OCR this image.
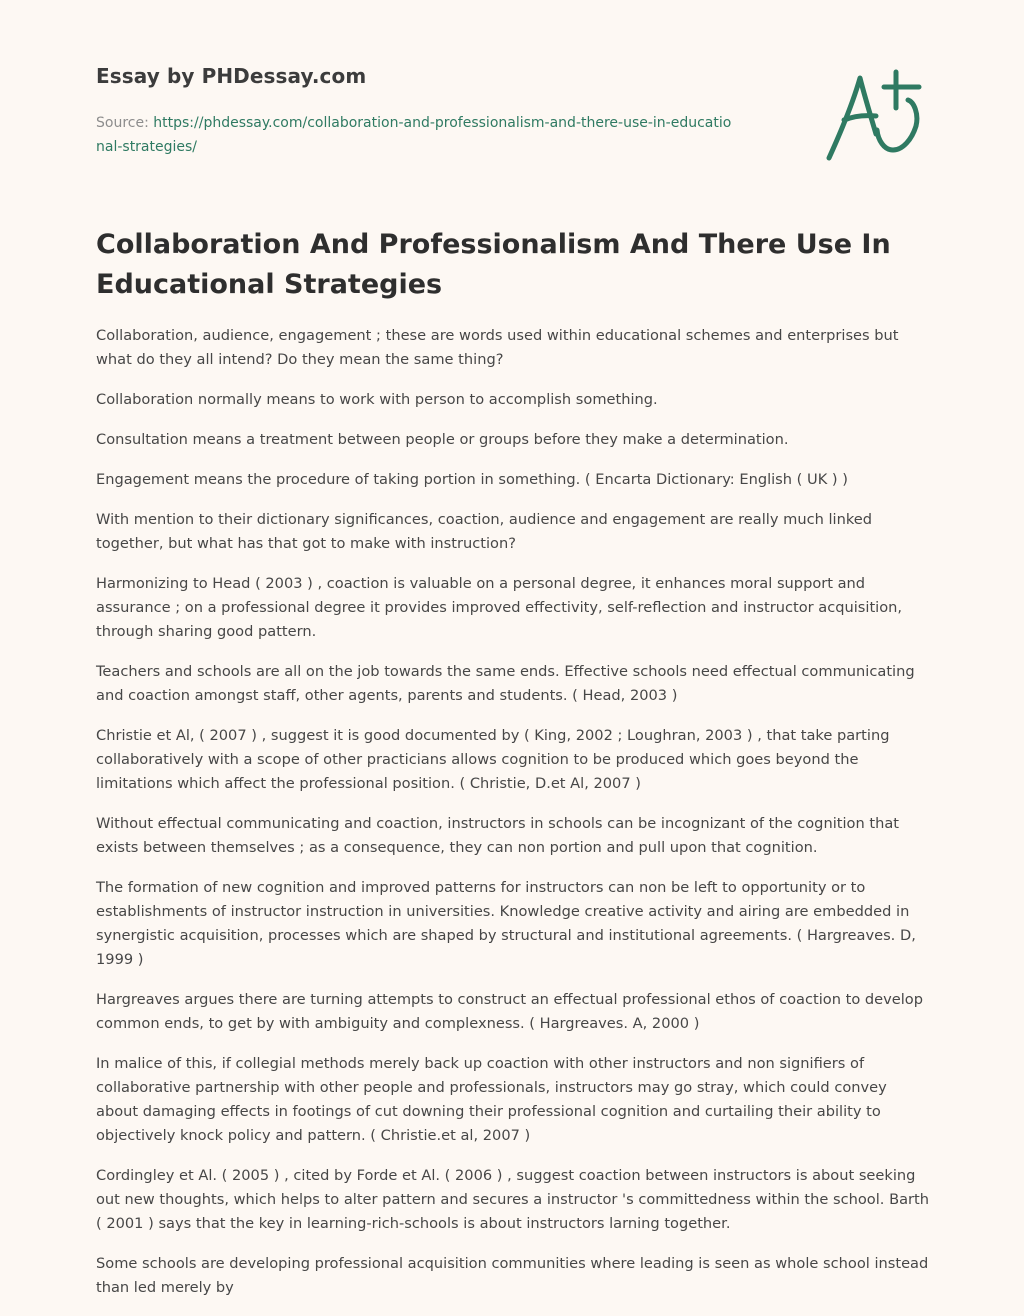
Essay by PHDessay.com
Source: https://phdessay.com/collaboration-and-professionalism-and-there-use-in-educational-strategies/
Collaboration And Professionalism And There Use In Educational Strategies

Collaboration, audience, engagement ; these are words used within educational schemes and enterprises but what do they all intend? Do they mean the same thing?

Collaboration normally means to work with person to accomplish something.

Consultation means a treatment between people or groups before they make a determination.

Engagement means the procedure of taking portion in something. ( Encarta Dictionary: English ( UK ) )

With mention to their dictionary significances, coaction, audience and engagement are really much linked together, but what has that got to make with instruction?

Harmonizing to Head ( 2003 ) , coaction is valuable on a personal degree, it enhances moral support and assurance ; on a professional degree it provides improved effectivity, self-reflection and instructor acquisition, through sharing good pattern.

Teachers and schools are all on the job towards the same ends. Effective schools need effectual communicating and coaction amongst staff, other agents, parents and students. ( Head, 2003 )

Christie et Al, ( 2007 ) , suggest it is good documented by ( King, 2002 ; Loughran, 2003 ) , that take parting collaboratively with a scope of other practicians allows cognition to be produced which goes beyond the limitations which affect the professional position. ( Christie, D.et Al, 2007 )

Without effectual communicating and coaction, instructors in schools can be incognizant of the cognition that exists between themselves ; as a consequence, they can non portion and pull upon that cognition.

The formation of new cognition and improved patterns for instructors can non be left to opportunity or to establishments of instructor instruction in universities. Knowledge creative activity and airing are embedded in synergistic acquisition, processes which are shaped by structural and institutional agreements. ( Hargreaves. D, 1999 )

Hargreaves argues there are turning attempts to construct an effectual professional ethos of coaction to develop common ends, to get by with ambiguity and complexness. ( Hargreaves. A, 2000 )

In malice of this, if collegial methods merely back up coaction with other instructors and non signifiers of collaborative partnership with other people and professionals, instructors may go stray, which could convey about damaging effects in footings of cut downing their professional cognition and curtailing their ability to objectively knock policy and pattern. ( Christie.et al, 2007 )

Cordingley et Al. ( 2005 ) , cited by Forde et Al. ( 2006 ) , suggest coaction between instructors is about seeking out new thoughts, which helps to alter pattern and secures a instructor 's committedness within the school. Barth ( 2001 ) says that the key in learning-rich-schools is about instructors larning together.

Some schools are developing professional acquisition communities where leading is seen as whole school instead than led merely by
